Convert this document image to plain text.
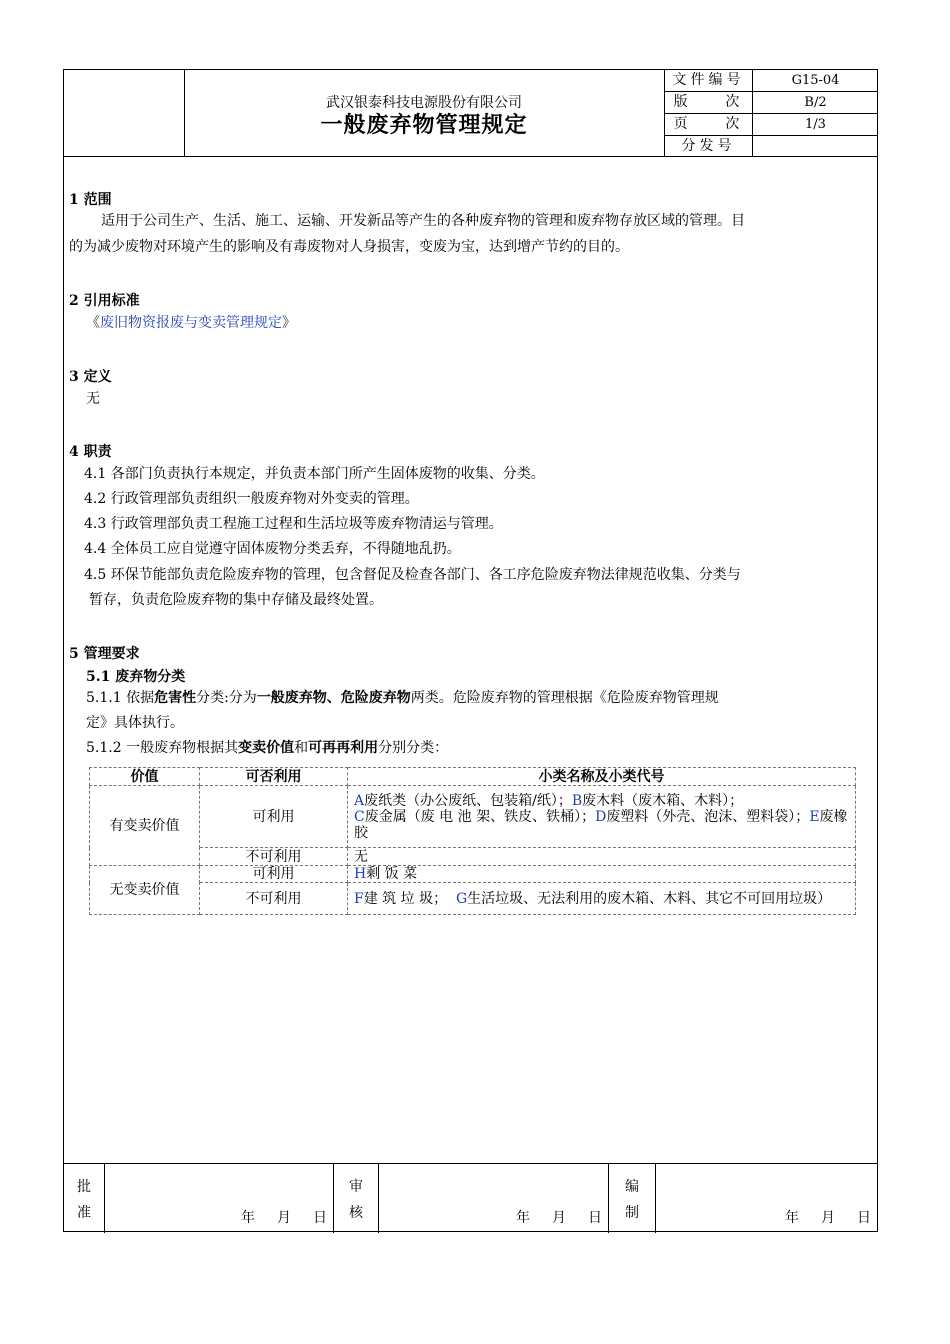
武汉银泰科技电源股份有限公司
一般废弃物管理规定
文件编号	G15-04
版    次	B/2
页    次	1/3
分发号
1 范围
适用于公司生产、生活、施工、运输、开发新品等产生的各种废弃物的管理和废弃物存放区域的管理。目
的为减少废物对环境产生的影响及有毒废物对人身损害，变废为宝，达到增产节约的目的。
2 引用标准
《废旧物资报废与变卖管理规定》
3 定义
无
4 职责
4.1 各部门负责执行本规定，并负责本部门所产生固体废物的收集、分类。
4.2 行政管理部负责组织一般废弃物对外变卖的管理。
4.3 行政管理部负责工程施工过程和生活垃圾等废弃物清运与管理。
4.4 全体员工应自觉遵守固体废物分类丢弃，不得随地乱扔。
4.5 环保节能部负责危险废弃物的管理，包含督促及检查各部门、各工序危险废弃物法律规范收集、分类与
暂存，负责危险废弃物的集中存储及最终处置。
5 管理要求
5.1 废弃物分类
5.1.1 依据危害性分类:分为一般废弃物、危险废弃物两类。危险废弃物的管理根据《危险废弃物管理规
定》具体执行。
5.1.2 一般废弃物根据其变卖价值和可再再利用分别分类：
价值	可否利用	小类名称及小类代号
有变卖价值	可利用	A废纸类（办公废纸、包装箱/纸）；B废木料（废木箱、木料）；
C废金属（废 电 池 架、铁皮、铁桶）；D废塑料（外壳、泡沫、塑料袋）；E废橡胶
	不可利用	无
无变卖价值	可利用	H剩 饭 菜
	不可利用	F建 筑 垃 圾； G生活垃圾、无法利用的废木箱、木料、其它不可回用垃圾）
批
准	年 月 日
审
核	年 月 日
编
制	年 月 日
